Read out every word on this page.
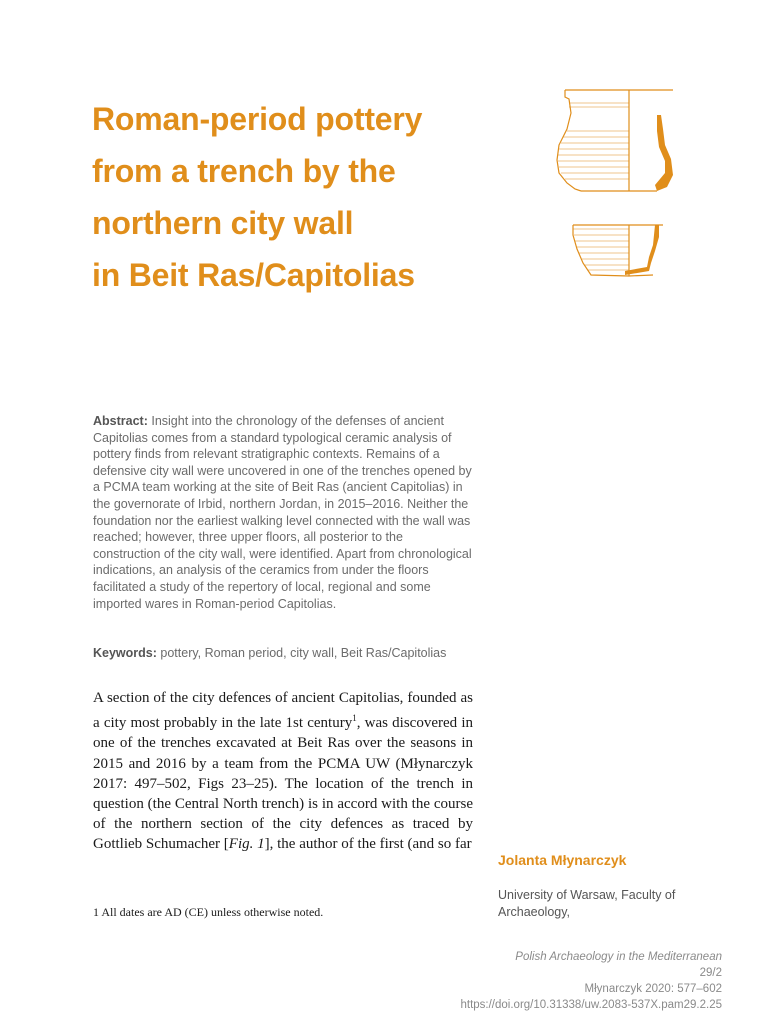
Roman-period pottery
from a trench by the
northern city wall
in Beit Ras/Capitolias

Abstract: Insight into the chronology of the defenses of ancient Capitolias comes from a standard typological ceramic analysis of pottery finds from relevant stratigraphic contexts. Remains of a defensive city wall were uncovered in one of the trenches opened by a PCMA team working at the site of Beit Ras (ancient Capitolias) in the governorate of Irbid, northern Jordan, in 2015–2016. Neither the foundation nor the earliest walking level connected with the wall was reached; however, three upper floors, all posterior to the construction of the city wall, were identified. Apart from chronological indications, an analysis of the ceramics from under the floors facilitated a study of the repertory of local, regional and some imported wares in Roman-period Capitolias.

Keywords: pottery, Roman period, city wall, Beit Ras/Capitolias

A section of the city defences of ancient Capitolias, founded as a city most probably in the late 1st century$^1$, was discovered in one of the trenches excavated at Beit Ras over the seasons in 2015 and 2016 by a team from the PCMA UW (Młynarczyk 2017: 497–502, Figs 23–25). The location of the trench in question (the Central North trench) is in accord with the course of the northern section of the city defences as traced by Gottlieb Schumacher [Fig. 1], the author of the first (and so far

1 All dates are AD (CE) unless otherwise noted.

Jolanta Młynarczyk

University of Warsaw, Faculty of Archaeology,

Polish Archaeology in the Mediterranean
29/2
Młynarczyk 2020: 577–602
https://doi.org/10.31338/uw.2083-537X.pam29.2.25
